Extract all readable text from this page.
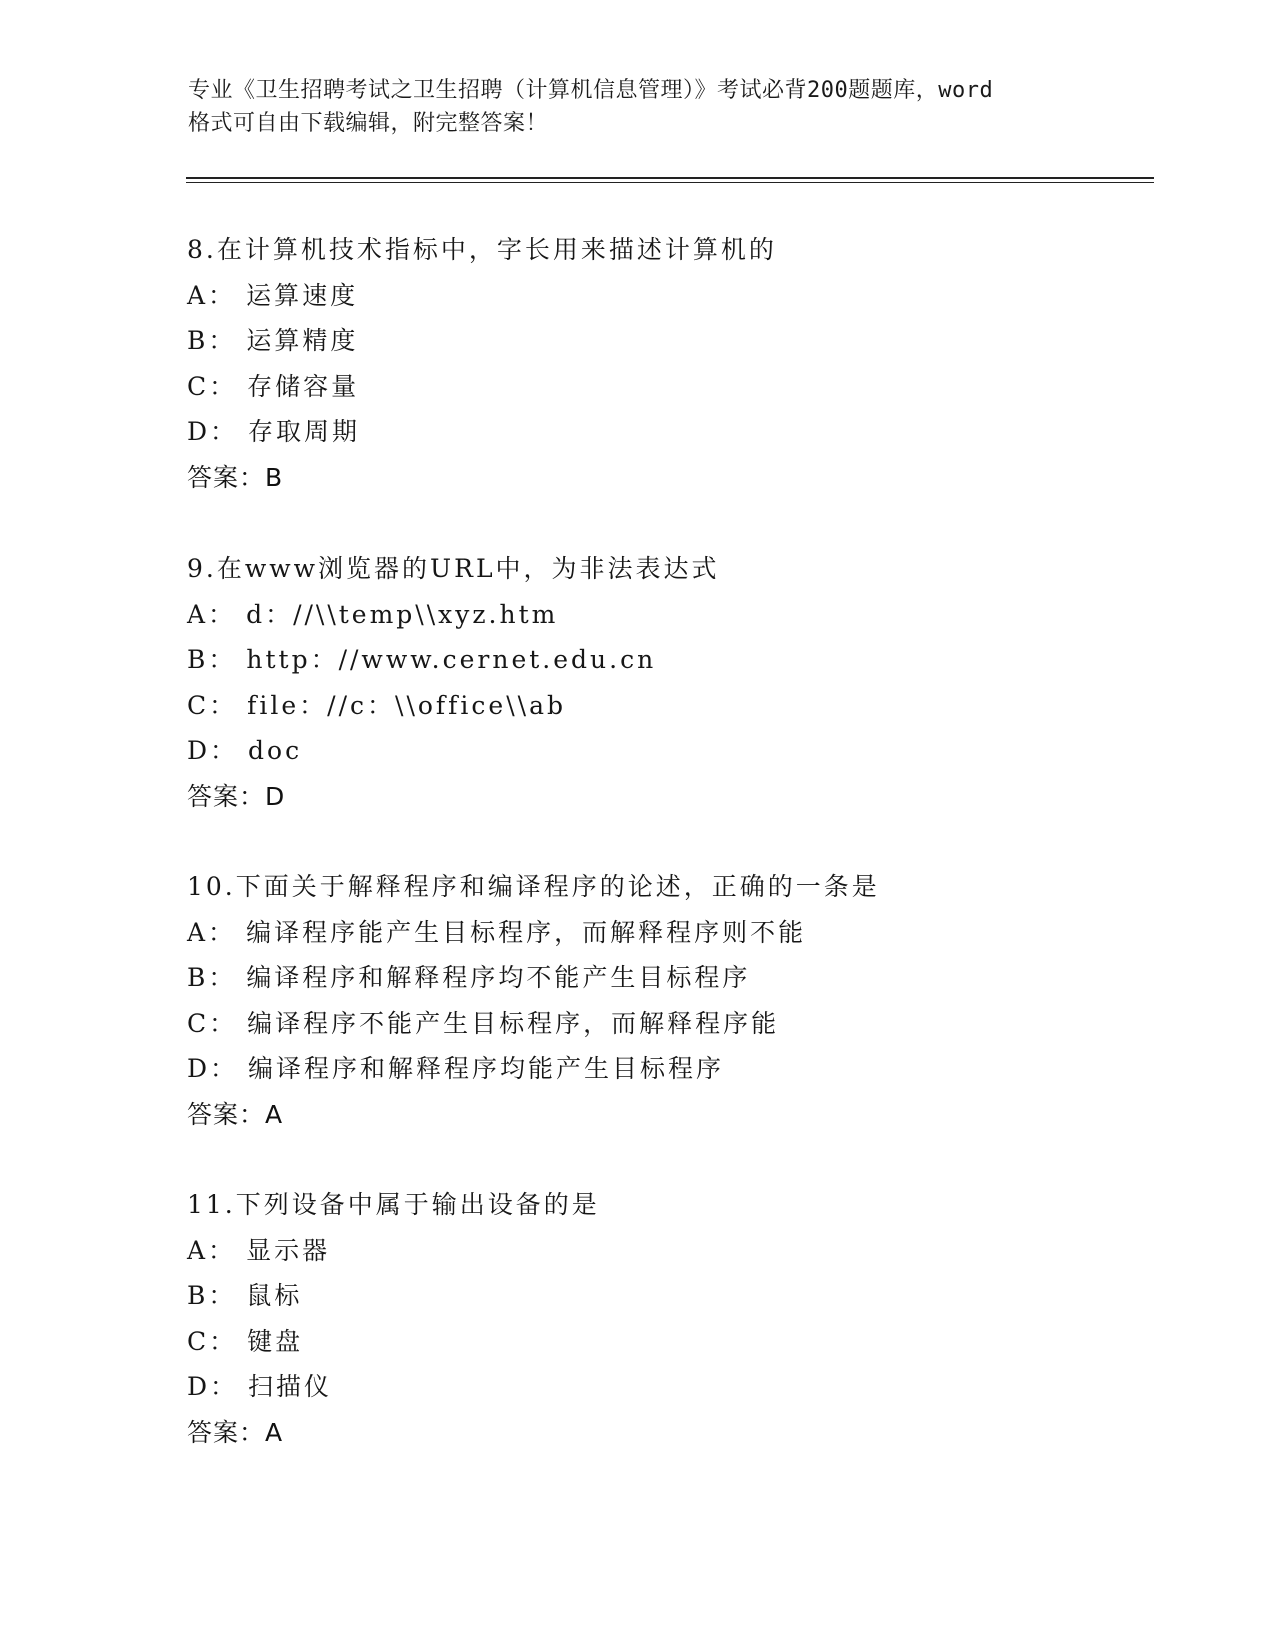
专业《卫生招聘考试之卫生招聘（计算机信息管理）》考试必背200题题库，word
格式可自由下载编辑，附完整答案！
8.在计算机技术指标中，字长用来描述计算机的
A： 运算速度
B： 运算精度
C： 存储容量
D： 存取周期
答案：B
9.在www浏览器的URL中，为非法表达式
A： d：//\\temp\\xyz.htm
B： http：//www.cernet.edu.cn
C： file：//c：\\office\\ab
D： doc
答案：D
10.下面关于解释程序和编译程序的论述，正确的一条是
A： 编译程序能产生目标程序，而解释程序则不能
B： 编译程序和解释程序均不能产生目标程序
C： 编译程序不能产生目标程序，而解释程序能
D： 编译程序和解释程序均能产生目标程序
答案：A
11.下列设备中属于输出设备的是
A： 显示器
B： 鼠标
C： 键盘
D： 扫描仪
答案：A
